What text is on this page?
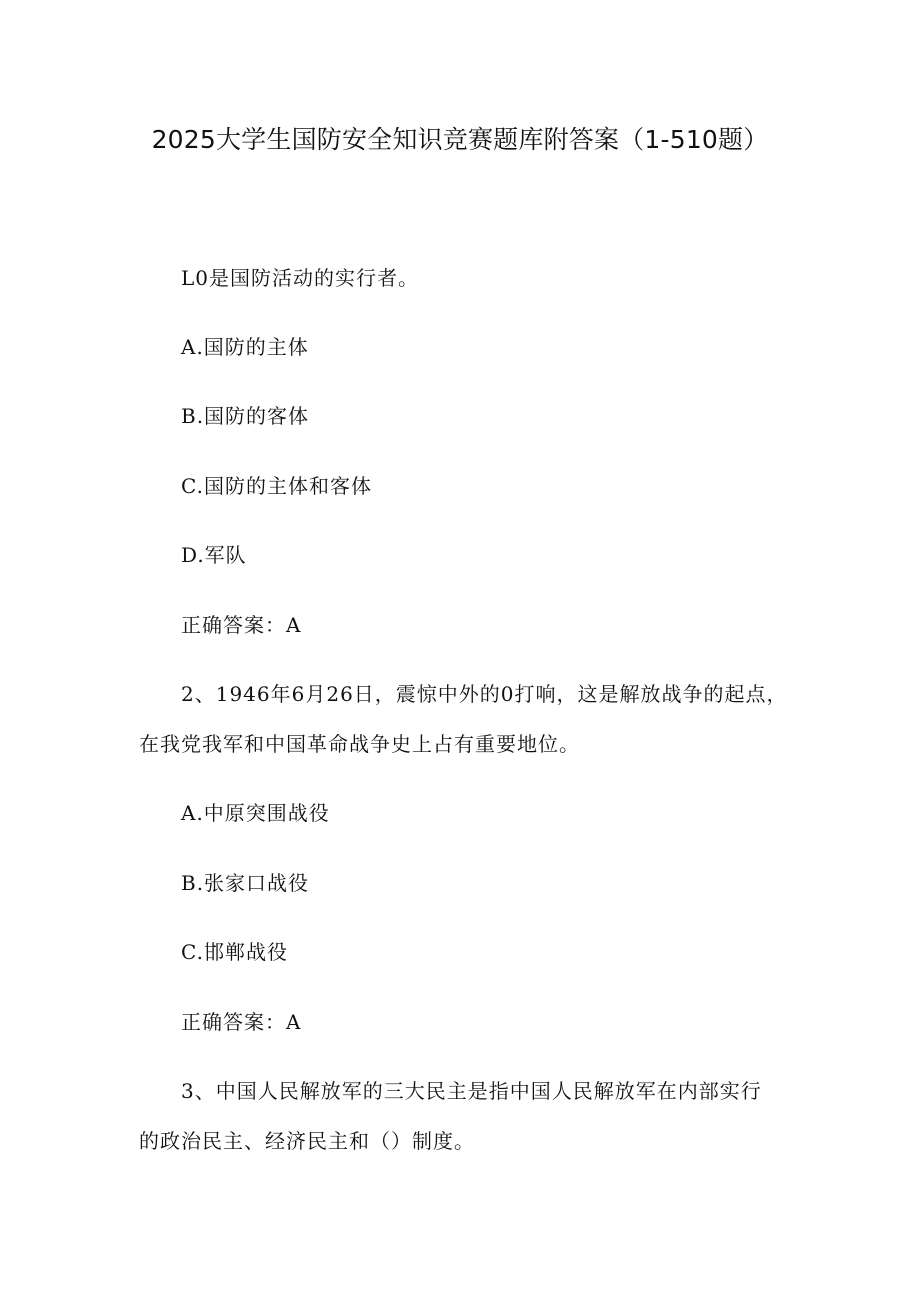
2025大学生国防安全知识竞赛题库附答案（1-510题）
L0是国防活动的实行者。
A.国防的主体
B.国防的客体
C.国防的主体和客体
D.军队
正确答案：A
2、1946年6月26日，震惊中外的0打响，这是解放战争的起点，
在我党我军和中国革命战争史上占有重要地位。
A.中原突围战役
B.张家口战役
C.邯郸战役
正确答案：A
3、中国人民解放军的三大民主是指中国人民解放军在内部实行
的政治民主、经济民主和（）制度。
